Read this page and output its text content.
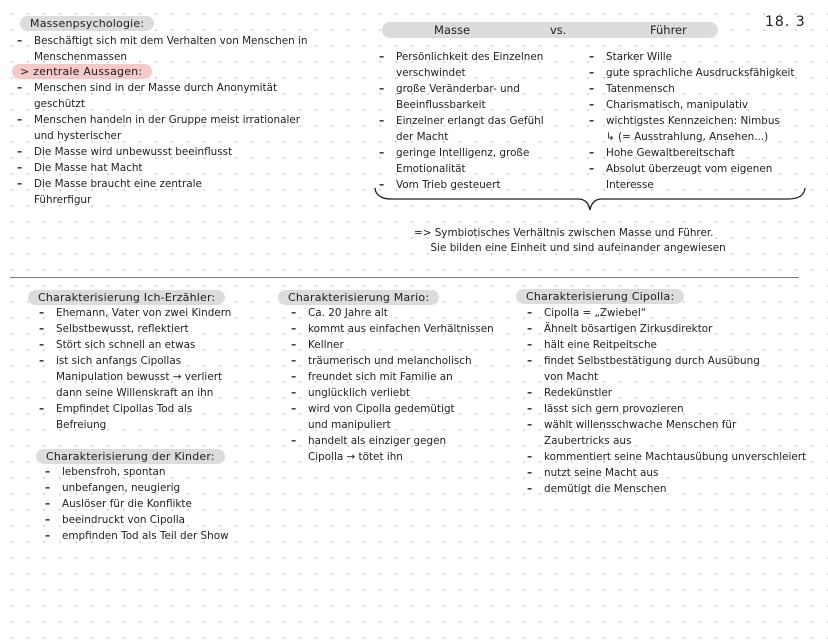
18. 3
Massenpsychologie:
– Beschäftigt sich mit dem Verhalten von Menschen in
Menschenmassen
> zentrale Aussagen:
– Menschen sind in der Masse durch Anonymität
geschützt
– Menschen handeln in der Gruppe meist irrationaler
und hysterischer
– Die Masse wird unbewusst beeinflusst
– Die Masse hat Macht
– Die Masse braucht eine zentrale
Führerfigur
Masse	vs.	Führer
– Persönlichkeit des Einzelnen
verschwindet
– große Veränderbar- und
Beeinflussbarkeit
– Einzelner erlangt das Gefühl
der Macht
– geringe Intelligenz, große
Emotionalität
– Vom Trieb gesteuert
– Starker Wille
– gute sprachliche Ausdrucksfähigkeit
– Tatenmensch
– Charismatisch, manipulativ
– wichtigstes Kennzeichen: Nimbus
↳ (= Ausstrahlung, Ansehen...)
– Hohe Gewaltbereitschaft
– Absolut überzeugt vom eigenen
Interesse
=> Symbiotisches Verhältnis zwischen Masse und Führer.
Sie bilden eine Einheit und sind aufeinander angewiesen
Charakterisierung Ich-Erzähler:
– Ehemann, Vater von zwei Kindern
– Selbstbewusst, reflektiert
– Stört sich schnell an etwas
– ist sich anfangs Cipollas
Manipulation bewusst → verliert
dann seine Willenskraft an ihn
– Empfindet Cipollas Tod als
Befreiung
Charakterisierung der Kinder:
– lebensfroh, spontan
– unbefangen, neugierig
– Auslöser für die Konflikte
– beeindruckt von Cipolla
– empfinden Tod als Teil der Show
Charakterisierung Mario:
– Ca. 20 Jahre alt
– kommt aus einfachen Verhältnissen
– Kellner
– träumerisch und melancholisch
– freundet sich mit Familie an
– unglücklich verliebt
– wird von Cipolla gedemütigt
und manipuliert
– handelt als einziger gegen
Cipolla → tötet ihn
Charakterisierung Cipolla:
– Cipolla = „Zwiebel“
– Ähnelt bösartigen Zirkusdirektor
– hält eine Reitpeitsche
– findet Selbstbestätigung durch Ausübung
von Macht
– Redekünstler
– lässt sich gern provozieren
– wählt willensschwache Menschen für
Zaubertricks aus
– kommentiert seine Machtausübung unverschleiert
– nutzt seine Macht aus
– demütigt die Menschen
